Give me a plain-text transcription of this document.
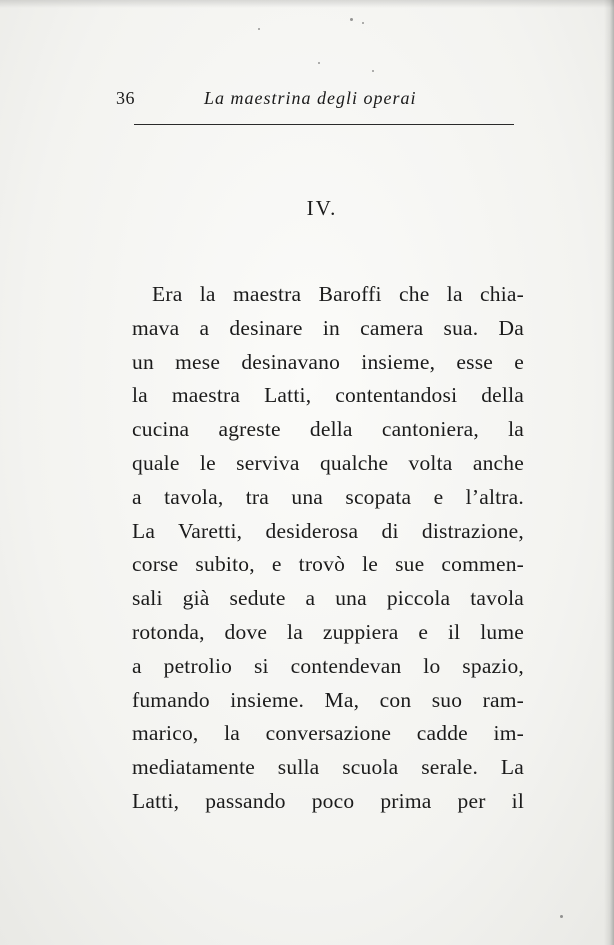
36	La maestrina degli operai
IV.
Era la maestra Baroffi che la chia-
mava a desinare in camera sua. Da
un mese desinavano insieme, esse e
la maestra Latti, contentandosi della
cucina agreste della cantoniera, la
quale le serviva qualche volta anche
a tavola, tra una scopata e l’altra.
La Varetti, desiderosa di distrazione,
corse subito, e trovò le sue commen-
sali già sedute a una piccola tavola
rotonda, dove la zuppiera e il lume
a petrolio si contendevan lo spazio,
fumando insieme. Ma, con suo ram-
marico, la conversazione cadde im-
mediatamente sulla scuola serale. La
Latti, passando poco prima per il
